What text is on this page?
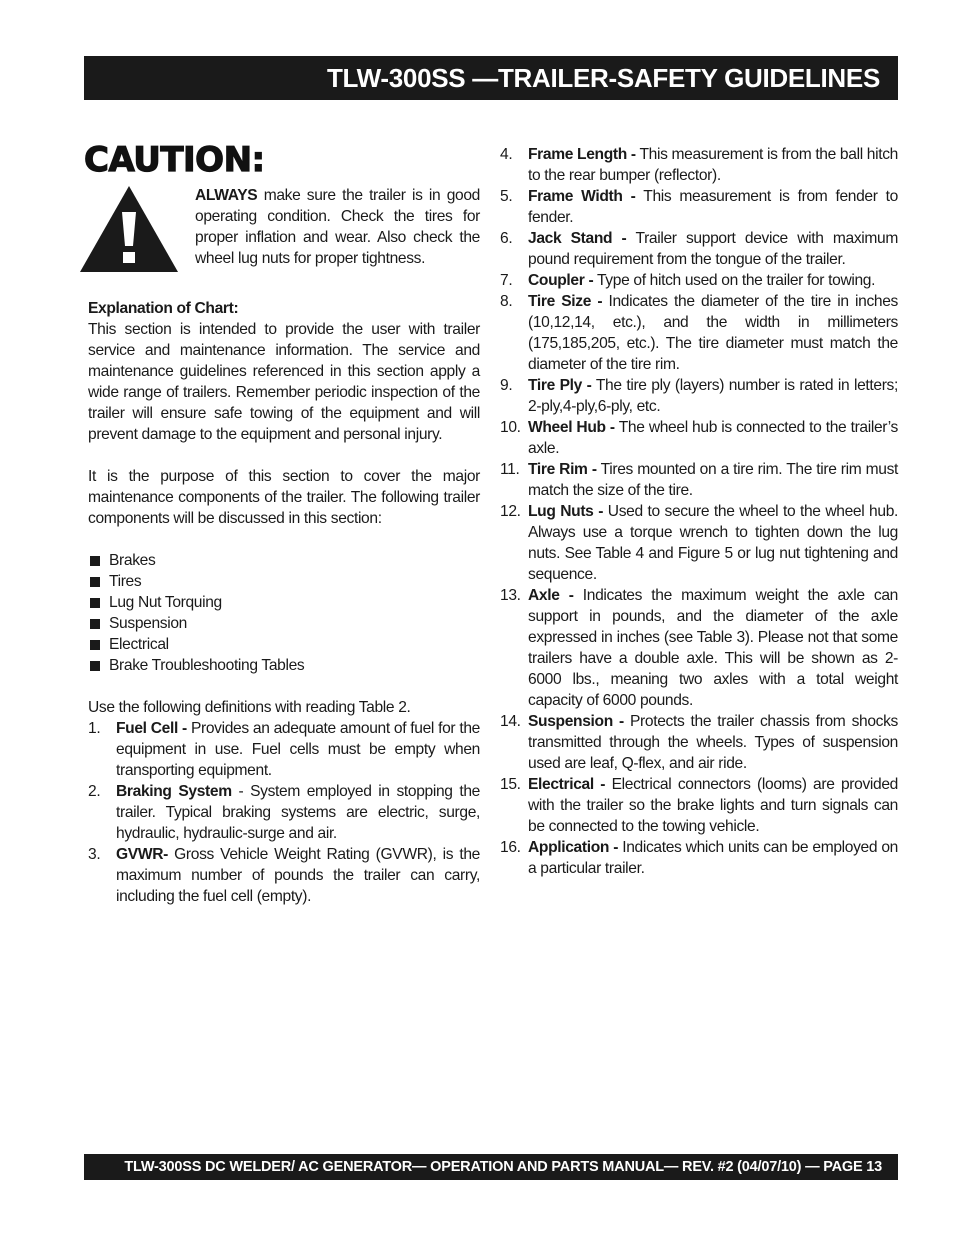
TLW-300SS —TRAILER-SAFETY GUIDELINES
CAUTION:
ALWAYS make sure the trailer is in good operating condition. Check the tires for proper inflation and wear. Also check the wheel lug nuts for proper tightness.
Explanation of Chart:

This section is intended to provide the user with trailer service and maintenance information. The service and maintenance guidelines referenced in this section apply a wide range of trailers. Remember periodic inspection of the trailer will ensure safe towing of the equipment and will prevent damage to the equipment and personal injury.

It is the purpose of this section to cover the major maintenance components of the trailer. The following trailer components will be discussed in this section:

Brakes
Tires
Lug Nut Torquing
Suspension
Electrical
Brake Troubleshooting Tables
Use the following definitions with reading Table 2.
1. Fuel Cell - Provides an adequate amount of fuel for the equipment in use. Fuel cells must be empty when transporting equipment.
2. Braking System - System employed in stopping the trailer. Typical braking systems are electric, surge, hydraulic, hydraulic-surge and air.
3. GVWR- Gross Vehicle Weight Rating (GVWR), is the maximum number of pounds the trailer can carry, including the fuel cell (empty).
4. Frame Length - This measurement is from the ball hitch to the rear bumper (reflector).
5. Frame Width - This measurement is from fender to fender.
6. Jack Stand - Trailer support device with maximum pound requirement from the tongue of the trailer.
7. Coupler - Type of hitch used on the trailer for towing.
8. Tire Size - Indicates the diameter of the tire in inches (10,12,14, etc.), and the width in millimeters (175,185,205, etc.). The tire diameter must match the diameter of the tire rim.
9. Tire Ply - The tire ply (layers) number is rated in letters; 2-ply,4-ply,6-ply, etc.
10. Wheel Hub - The wheel hub is connected to the trailer’s axle.
11. Tire Rim - Tires mounted on a tire rim. The tire rim must match the size of the tire.
12. Lug Nuts - Used to secure the wheel to the wheel hub. Always use a torque wrench to tighten down the lug nuts. See Table 4 and Figure 5 or lug nut tightening and sequence.
13. Axle - Indicates the maximum weight the axle can support in pounds, and the diameter of the axle expressed in inches (see Table 3). Please not that some trailers have a double axle. This will be shown as 2-6000 lbs., meaning two axles with a total weight capacity of 6000 pounds.
14. Suspension - Protects the trailer chassis from shocks transmitted through the wheels. Types of suspension used are leaf, Q-flex, and air ride.
15. Electrical - Electrical connectors (looms) are provided with the trailer so the brake lights and turn signals can be connected to the towing vehicle.
16. Application - Indicates which units can be employed on a particular trailer.
TLW-300SS DC WELDER/ AC GENERATOR— OPERATION AND PARTS MANUAL— REV. #2 (04/07/10) — PAGE 13
